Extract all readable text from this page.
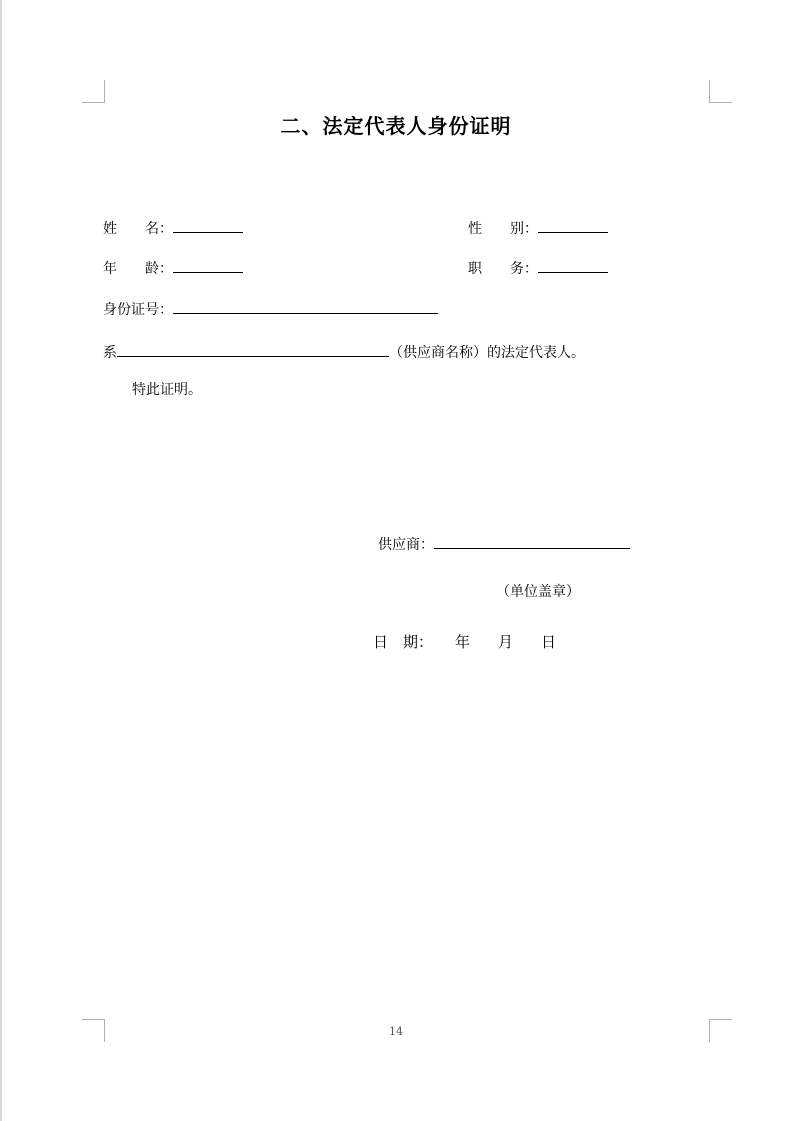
二、法定代表人身份证明
姓　　名：	性　　别：
年　　龄：	职　　务：
身份证号：
系	（供应商名称）的法定代表人。
特此证明。
供应商：
（单位盖章）
日　期： 年 月 日
14
